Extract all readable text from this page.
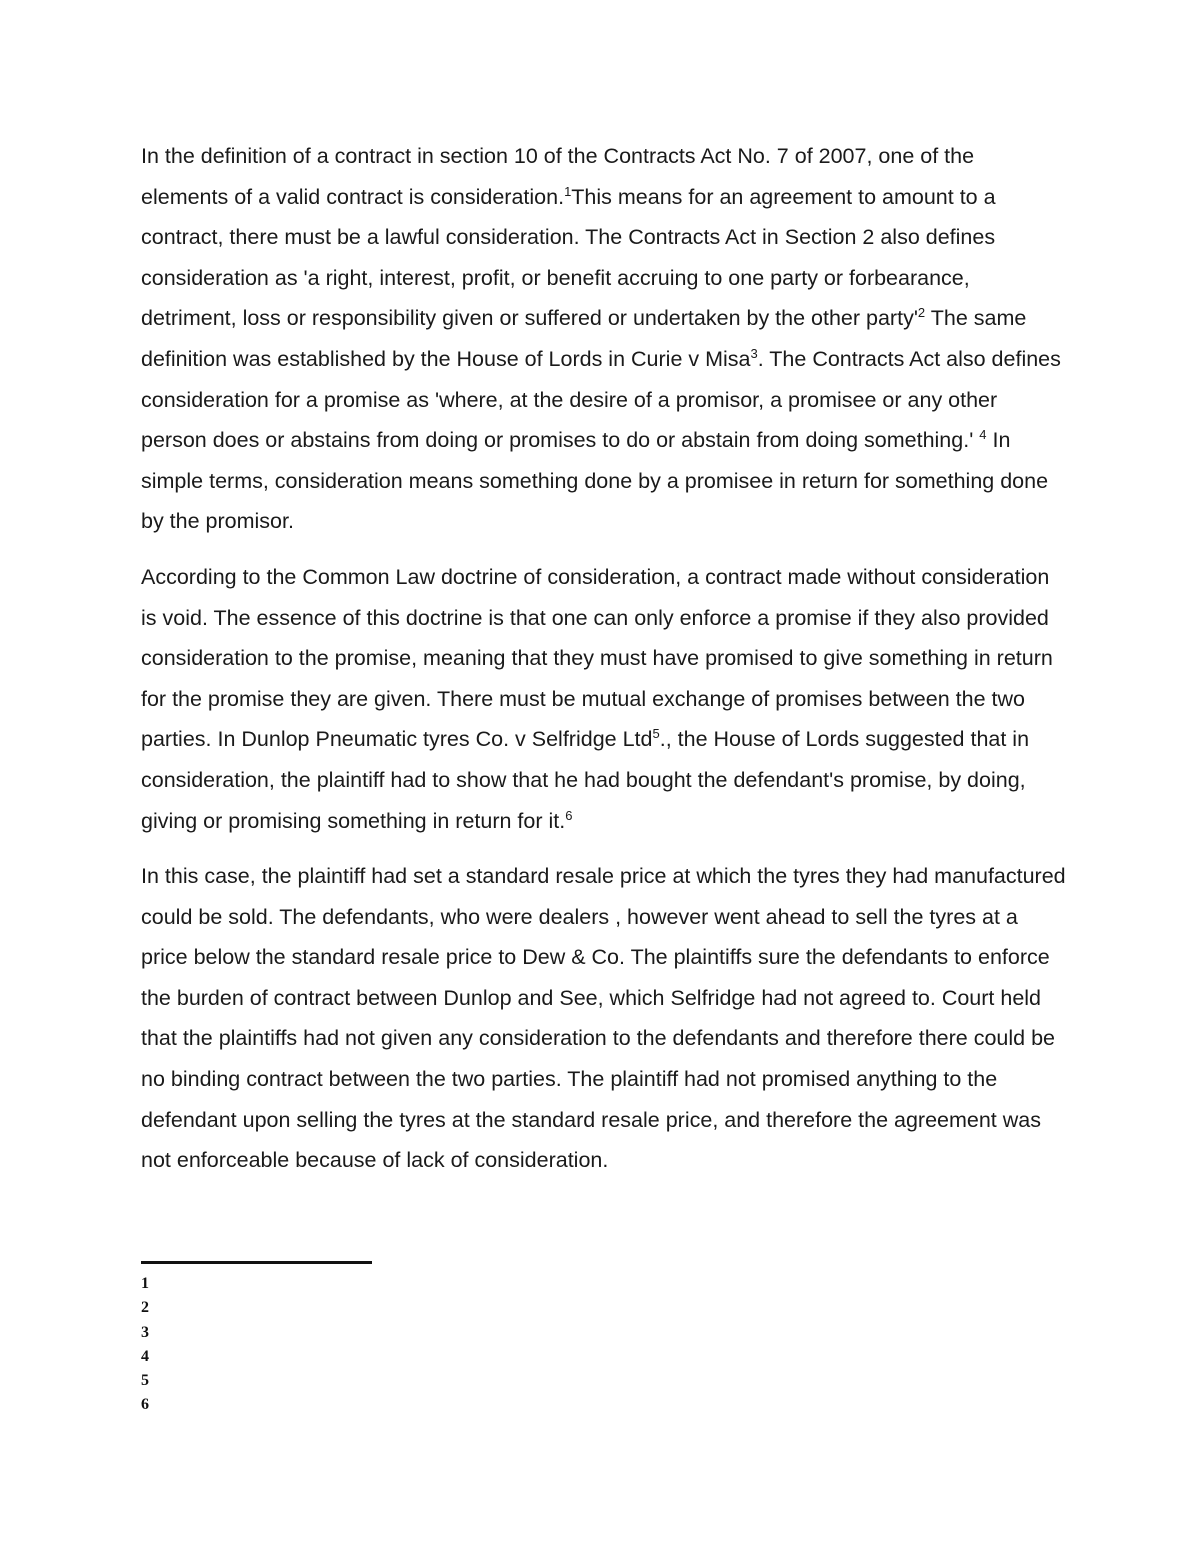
In the definition of a contract in section 10 of the Contracts Act No. 7 of 2007, one of the elements of a valid contract is consideration.$^1$This means for an agreement to amount to a contract, there must be a lawful consideration. The Contracts Act in Section 2 also defines consideration as 'a right, interest, profit, or benefit accruing to one party or forbearance, detriment, loss or responsibility given or suffered or undertaken by the other $party'^2$ The same definition was established by the House of Lords in Curie v Misa$^3$. The Contracts Act also defines consideration for a promise as 'where, at the desire of a promisor, a promisee or any other person does or abstains from doing or promises to do or abstain from doing something.' $^4$ In simple terms, consideration means something done by a promisee in return for something done by the promisor.

According to the Common Law doctrine of consideration, a contract made without consideration is void. The essence of this doctrine is that one can only enforce a promise if they also provided consideration to the promise, meaning that they must have promised to give something in return for the promise they are given. There must be mutual exchange of promises between the two parties. In Dunlop Pneumatic tyres Co. v Selfridge Ltd$^5$., the House of Lords suggested that in consideration, the plaintiff had to show that he had bought the defendant's promise, by doing, giving or promising something in return for it.$^6$

In this case, the plaintiff had set a standard resale price at which the tyres they had manufactured could be sold. The defendants, who were dealers , however went ahead to sell the tyres at a price below the standard resale price to Dew & Co. The plaintiffs sure the defendants to enforce the burden of contract between Dunlop and See, which Selfridge had not agreed to. Court held that the plaintiffs had not given any consideration to the defendants and therefore there could be no binding contract between the two parties. The plaintiff had not promised anything to the defendant upon selling the tyres at the standard resale price, and therefore the agreement was not enforceable because of lack of consideration.

1
2
3
4
5
6
